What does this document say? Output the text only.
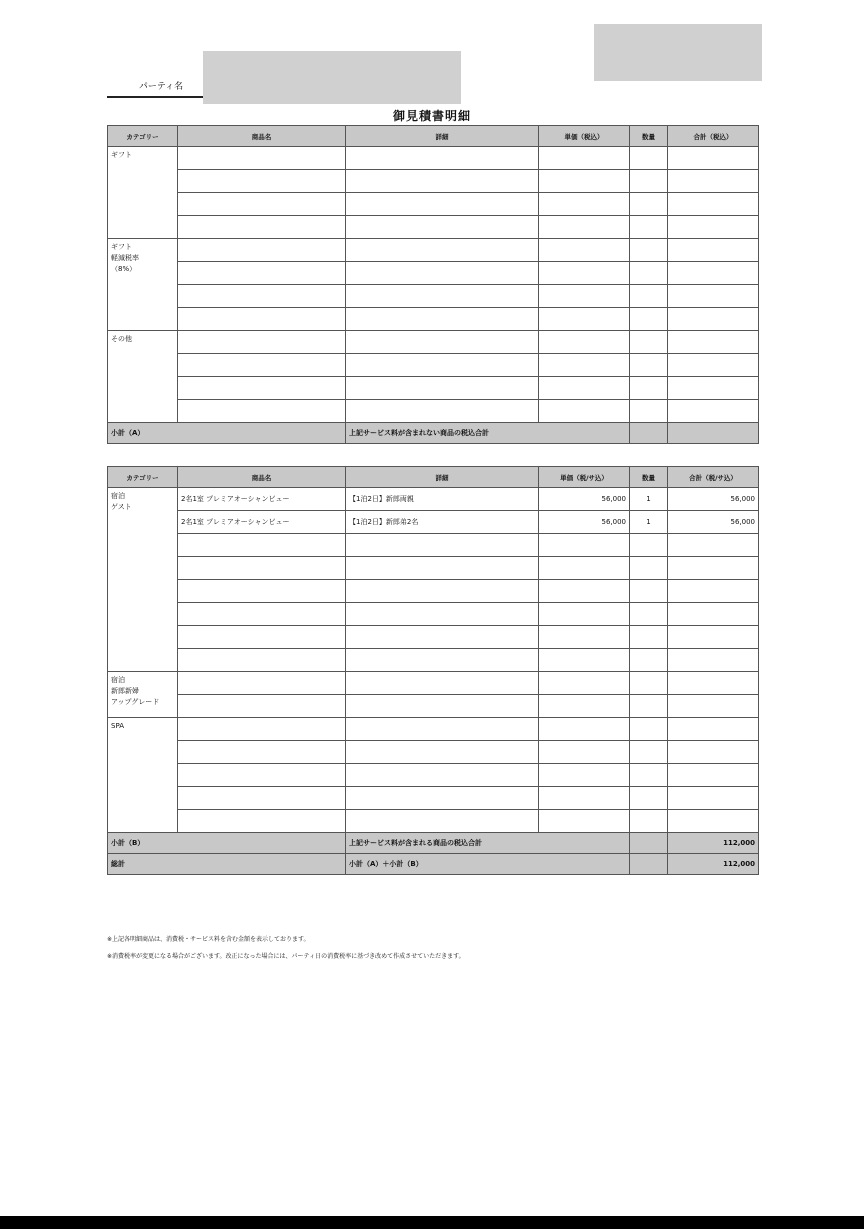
パーティ名
御見積書明細
カテゴリー	商品名	詳細	単価（税込）	数量	合計（税込）
ギフト					

ギフト
軽減税率
（8%）					

その他					

小計（A）		上記サービス料が含まれない商品の税込合計			
カテゴリー	商品名	詳細	単価（税/サ込）	数量	合計（税/サ込）
宿泊
ゲスト	2名1室 プレミアオーシャンビュー	【1泊2日】新郎両親	56,000	1	56,000
	2名1室 プレミアオーシャンビュー	【1泊2日】新郎弟2名	56,000	1	56,000

宿泊
新郎新婦
アップグレード					

SPA					

小計（B）		上記サービス料が含まれる商品の税込合計			112,000
総計		小計（A）＋小計（B）			112,000
※上記各明細商品は、消費税・サービス料を含む金額を表示しております。
※消費税率が変更になる場合がございます。改正になった場合には、パーティ日の消費税率に基づき改めて作成させていただきます。
